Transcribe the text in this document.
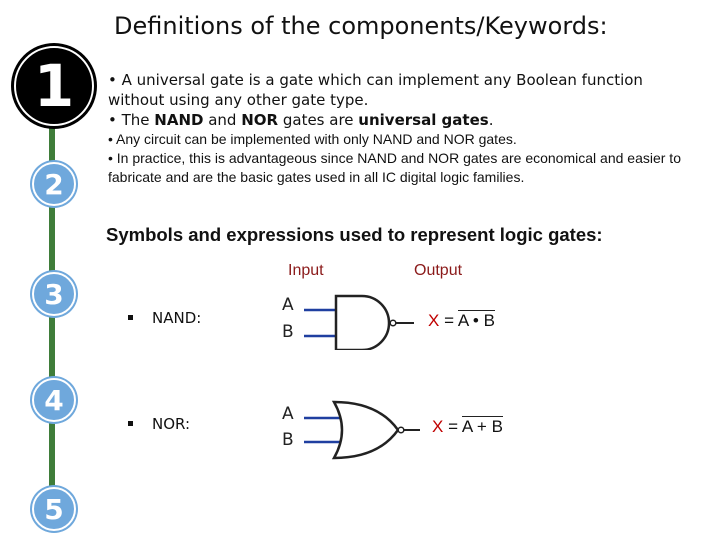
1
2
3
4
5
Definitions of the components/Keywords:
• A universal gate is a gate which can implement any Boolean function without using any other gate type.
• The NAND and NOR gates are universal gates.
• Any circuit can be implemented with only NAND and NOR gates.
• In practice, this is advantageous since NAND and NOR gates are economical and easier to fabricate and are the basic gates used in all IC digital logic families.
Symbols and expressions used to represent logic gates:
Input	Output
NAND:
A
B
X = A • B
NOR:	A
B
X = A + B
